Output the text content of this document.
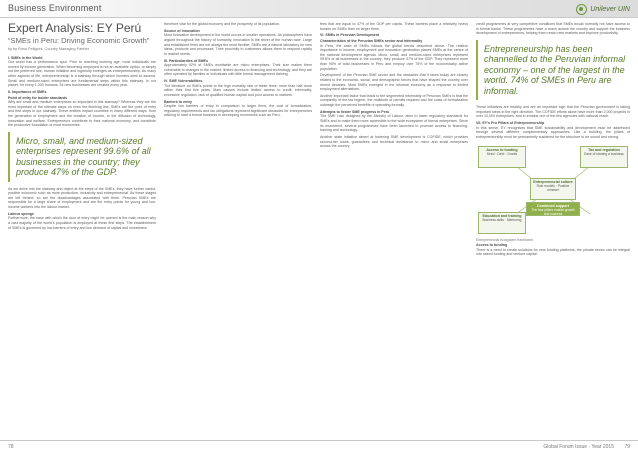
Business Environment	Unilever UIN
Expert Analysis: EY Perú
“SMEs in Peru: Driving Economic Growth”
by by Rosa Pelligrini, Country Managing Partner
I. SMEs in the World

Our world has a performance spur. Prior to reaching working age, most individuals are moved by income generation. When becoming employed is not an available option, or simply not the preferred one, human initiative and ingenuity emerges as entrepreneurship. As many other aspects of life, entrepreneurship is a stairway through which humans seek to ascend. Small and medium-sized enterprises are fundamental steps within this stairway. In our planet, for every 1,000 humans, 54 new businesses are created every year.

II. Importance of SMEs
Point of entry for bolder standards

Why are small and medium enterprises so important in this stairway? Whereas they are the most important of the ultimate steps on even the finishing line, SMEs are the point of entry and first steps in our stairway. These entities impact countries in many different ways, from the generation of employment and the creation of income, to the diffusion of technology, innovation and welfare. Entrepreneurs contribute to their national economy, and constitute the productive foundation of most economies.

Micro, small, and medium-sized enterprises represent 99.6% of all businesses in the country; they produce 47% of the GDP.

As we delve into the stairway and object at the steps of the SMEs, they have further varied, positive economic such as more production, inclusivity and entrepreneurial. As these stages are left behind, so are the disadvantages associated with them. Peruvian SMEs are responsible for a large share of employment and are the entry points for young and low-income workers into the labour market.

Labour sponge

Furthermore, the ease with which the door of entry might be opened is the main reason why a vast majority of the world's population is employed at these first steps. The establishment of SMEs is governed by low barriers of entry and low demand of capital and investment.

therefore vital for the global economy and the prosperity of its population.

Source of innovation

Most innovative development in the world occurs in smaller operations. As philosophers have argued throughout the history of humanity, innovation is the driver of the human race. Large and established firms are not always the most flexible; SMEs are a natural laboratory for new ideas, products and processes. Their proximity to customers allows them to respond rapidly to market needs.

III. Particularities of SMEs

Approximately 92% of SMEs worldwide are micro enterprises. Their size makes them vulnerable to changes in the market, limited access to financing and technology, and they are often operated by families or individuals with little formal management training.

IV. SME Vulnerabilities

The literature on SMEs points to the high mortality rate of these firms: more than half close within their first five years. Main causes include limited access to credit, informality, excessive regulation, lack of qualified human capital and poor access to markets.

Barriers to entry

Despite low barriers of entry in comparison to larger firms, the cost of formalization, regulatory requirements and tax obligations represent significant obstacles for entrepreneurs wishing to start a formal business in developing economies such as Peru.

fees that are equal to 47% of the GDP per capita. These barriers place a relatively heavy burden on SMEs than on larger firms.

VI. SMEs in Peruvian Development
Characteristics of the Peruvian SMEs sector and informality

In Peru, the case of SMEs follows the global trends described above. The relative importance in income, employment and innovation generation places SMEs at the centre of the national development agenda. Micro, small, and medium-sized enterprises represent 99.6% of all businesses in the country; they produce 47% of the GDP. They represent more than 95% of total businesses in Peru and employ over 75% of the economically active population.

Development of the Peruvian SME sector and the obstacles that it faces today are closely related to the economic, social, and demographic forces that have shaped the country over recent decades. Most SMEs emerged in the informal economy as a response to limited employment alternatives.

Another important factor that leads to the segmented informality of Peruvian SMEs is that the complexity of the tax regime, the multitude of permits required and the costs of formalization outweigh the perceived benefits of operating formally.

Attempts to foster SME progress in Peru

The SME Law, designed by the Ministry of Labour, aims to lower regulatory standards for SMEs and to make them more accessible to the wide ecosystem of formal enterprises. Since its enactment, several programmes have been launched to promote access to financing, training and technology.

Another state initiative aimed at fostering SME development is COFIDE, which provides second-tier loans, guarantees and technical assistance to micro and small enterprises across the country.

credit programmes at very competitive conditions that SMEs would normally not have access to in formal banks. These programmes have a reach across the country and support the business development of entrepreneurs, helping them reach new markets and improve productivity.

Entrepreneurship has been channelled to the Peruvian informal economy – one of the largest in the world. 74% of SMEs in Peru are informal.

These initiatives are healthy and are an important sign that the Peruvian government is taking important steps in the right direction. The COFIDE efforts alone have more than 2,000 projects in over 10,000 enterprises, and it remains one of the few agencies with national reach.

VII. EY's Pro Pillars of Entrepreneurship

In this sense, EY recognises that SME sustainability and development must be addressed through several different complementary approaches. Like a building, the pillars of entrepreneurship must be permanently sustained for the structure to be sound and strong.

Access to funding
Seed · Debt · Grants
Tax and regulation
Ease of starting a business
Entrepreneurial culture
Role models · Positive mindset
Combined support
The four pillars enable growth and success
Education and training
Business skills · Mentoring
Entrepreneurial ecosystem framework
Access to funding

There is a need to create solutions for new funding platforms, the private sector can be integral into raised funding and venture capital.

78	Global Forum Issue · Year 2015 79
